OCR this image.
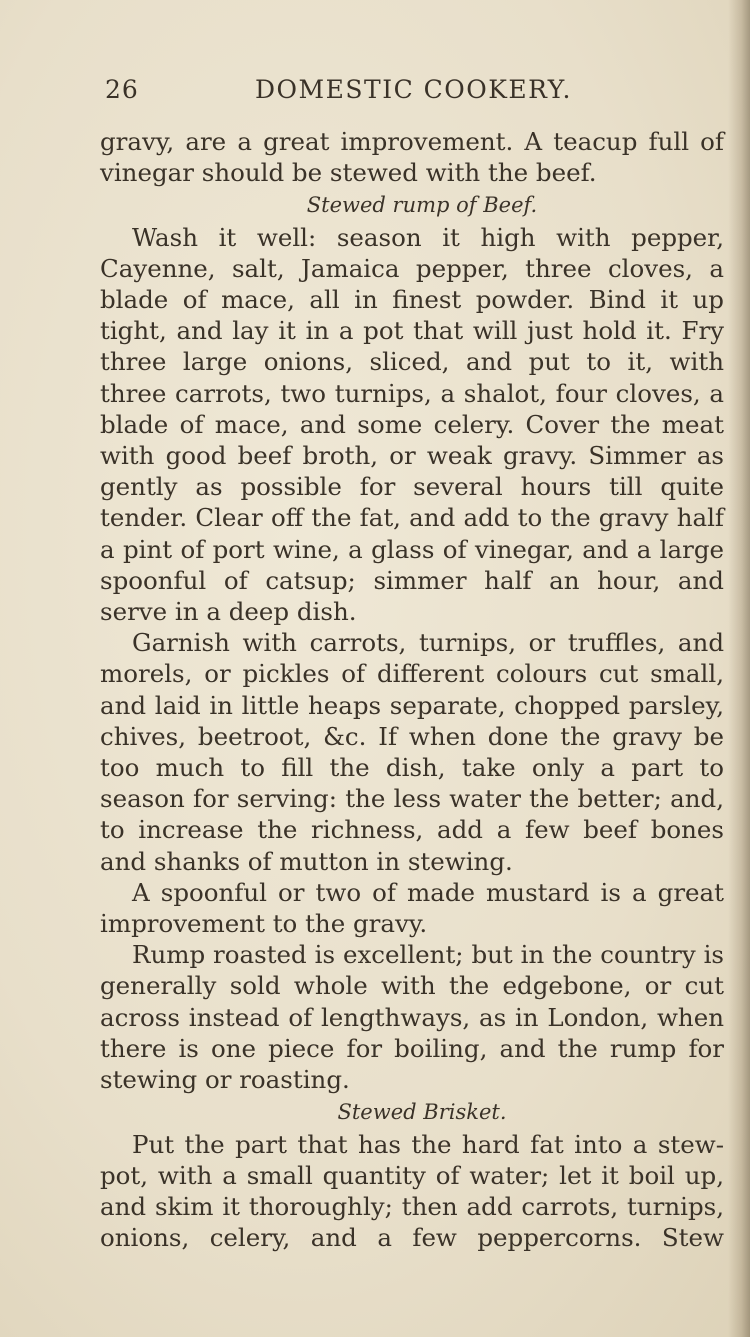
26	DOMESTIC COOKERY.

gravy, are a great improvement. A teacup full of vinegar should be stewed with the beef.

Stewed rump of Beef.

Wash it well: season it high with pepper, Cayenne, salt, Jamaica pepper, three cloves, a blade of mace, all in finest powder. Bind it up tight, and lay it in a pot that will just hold it. Fry three large onions, sliced, and put to it, with three carrots, two turnips, a shalot, four cloves, a blade of mace, and some celery. Cover the meat with good beef broth, or weak gravy. Simmer as gently as possible for several hours till quite tender. Clear off the fat, and add to the gravy half a pint of port wine, a glass of vinegar, and a large spoonful of catsup; simmer half an hour, and serve in a deep dish.

Garnish with carrots, turnips, or truffles, and morels, or pickles of different colours cut small, and laid in little heaps separate, chopped parsley, chives, beetroot, &c. If when done the gravy be too much to fill the dish, take only a part to season for serving: the less water the better; and, to increase the richness, add a few beef bones and shanks of mutton in stewing.

A spoonful or two of made mustard is a great improvement to the gravy.

Rump roasted is excellent; but in the country is generally sold whole with the edgebone, or cut across instead of lengthways, as in London, when there is one piece for boiling, and the rump for stewing or roasting.

Stewed Brisket.

Put the part that has the hard fat into a stew-pot, with a small quantity of water; let it boil up, and skim it thoroughly; then add carrots, turnips, onions, celery, and a few peppercorns. Stew
